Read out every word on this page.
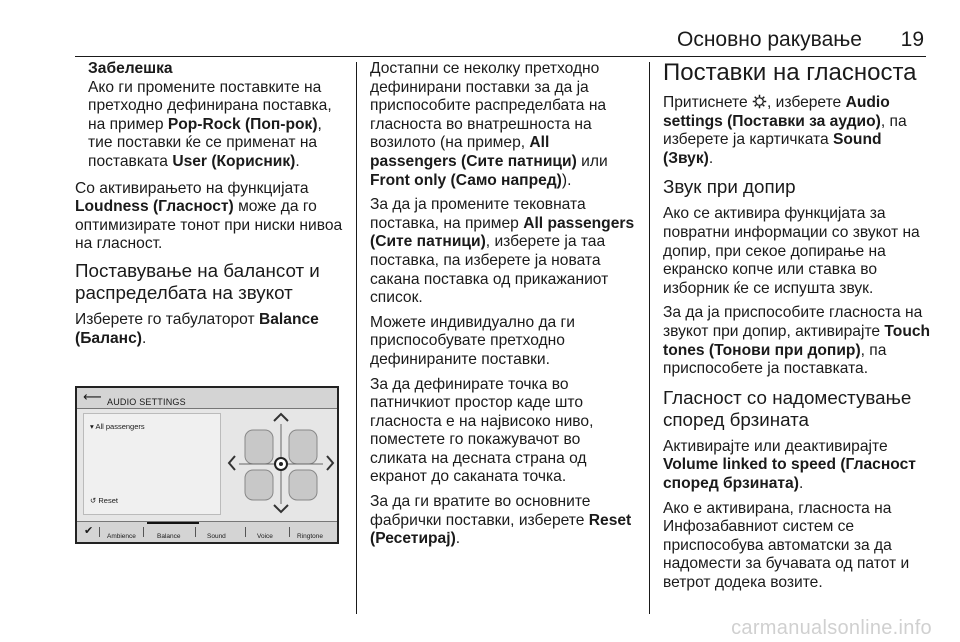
Основно ракување 19
Забелешка
Ако ги промените поставките на претходно дефинирана поставка, на пример Pop-Rock (Поп-рок), тие поставки ќе се применат на поставката User (Корисник).

Со активирањето на функцијата Loudness (Гласност) може да го оптимизирате тонот при ниски нивоа на гласност.

Поставување на балансот и распределбата на звукот

Изберете го табулаторот Balance (Баланс).

⟵ AUDIO SETTINGS
▾ All passengers
↺ Reset
✔ Ambience	Balance	Sound	Voice	Ringtone

Достапни се неколку претходно дефинирани поставки за да ја приспособите распределбата на гласноста во внатрешноста на возилото (на пример, All passengers (Сите патници) или Front only (Само напред)).

За да ја промените тековната поставка, на пример All passengers (Сите патници), изберете ја таа поставка, па изберете ја новата сакана поставка од прикажаниот список.

Можете индивидуално да ги приспособувате претходно дефинираните поставки.

За да дефинирате точка во патничкиот простор каде што гласноста е на највисоко ниво, поместете го покажувачот во сликата на десната страна од екранот до саканата точка.

За да ги вратите во основните фабрички поставки, изберете Reset (Ресетирај).

Поставки на гласноста

Притиснете , изберете Audio settings (Поставки за аудио), па изберете ја картичката Sound (Звук).

Звук при допир

Ако се активира функцијата за повратни информации со звукот на допир, при секое допирање на екранско копче или ставка во изборник ќе се испушта звук.

За да ја приспособите гласноста на звукот при допир, активирајте Touch tones (Тонови при допир), па приспособете ја поставката.

Гласност со надоместување според брзината

Активирајте или деактивирајте Volume linked to speed (Гласност според брзината).

Ако е активирана, гласноста на Инфозабавниот систем се приспособува автоматски за да надомести за бучавата од патот и ветрот додека возите.

carmanualsonline.info
